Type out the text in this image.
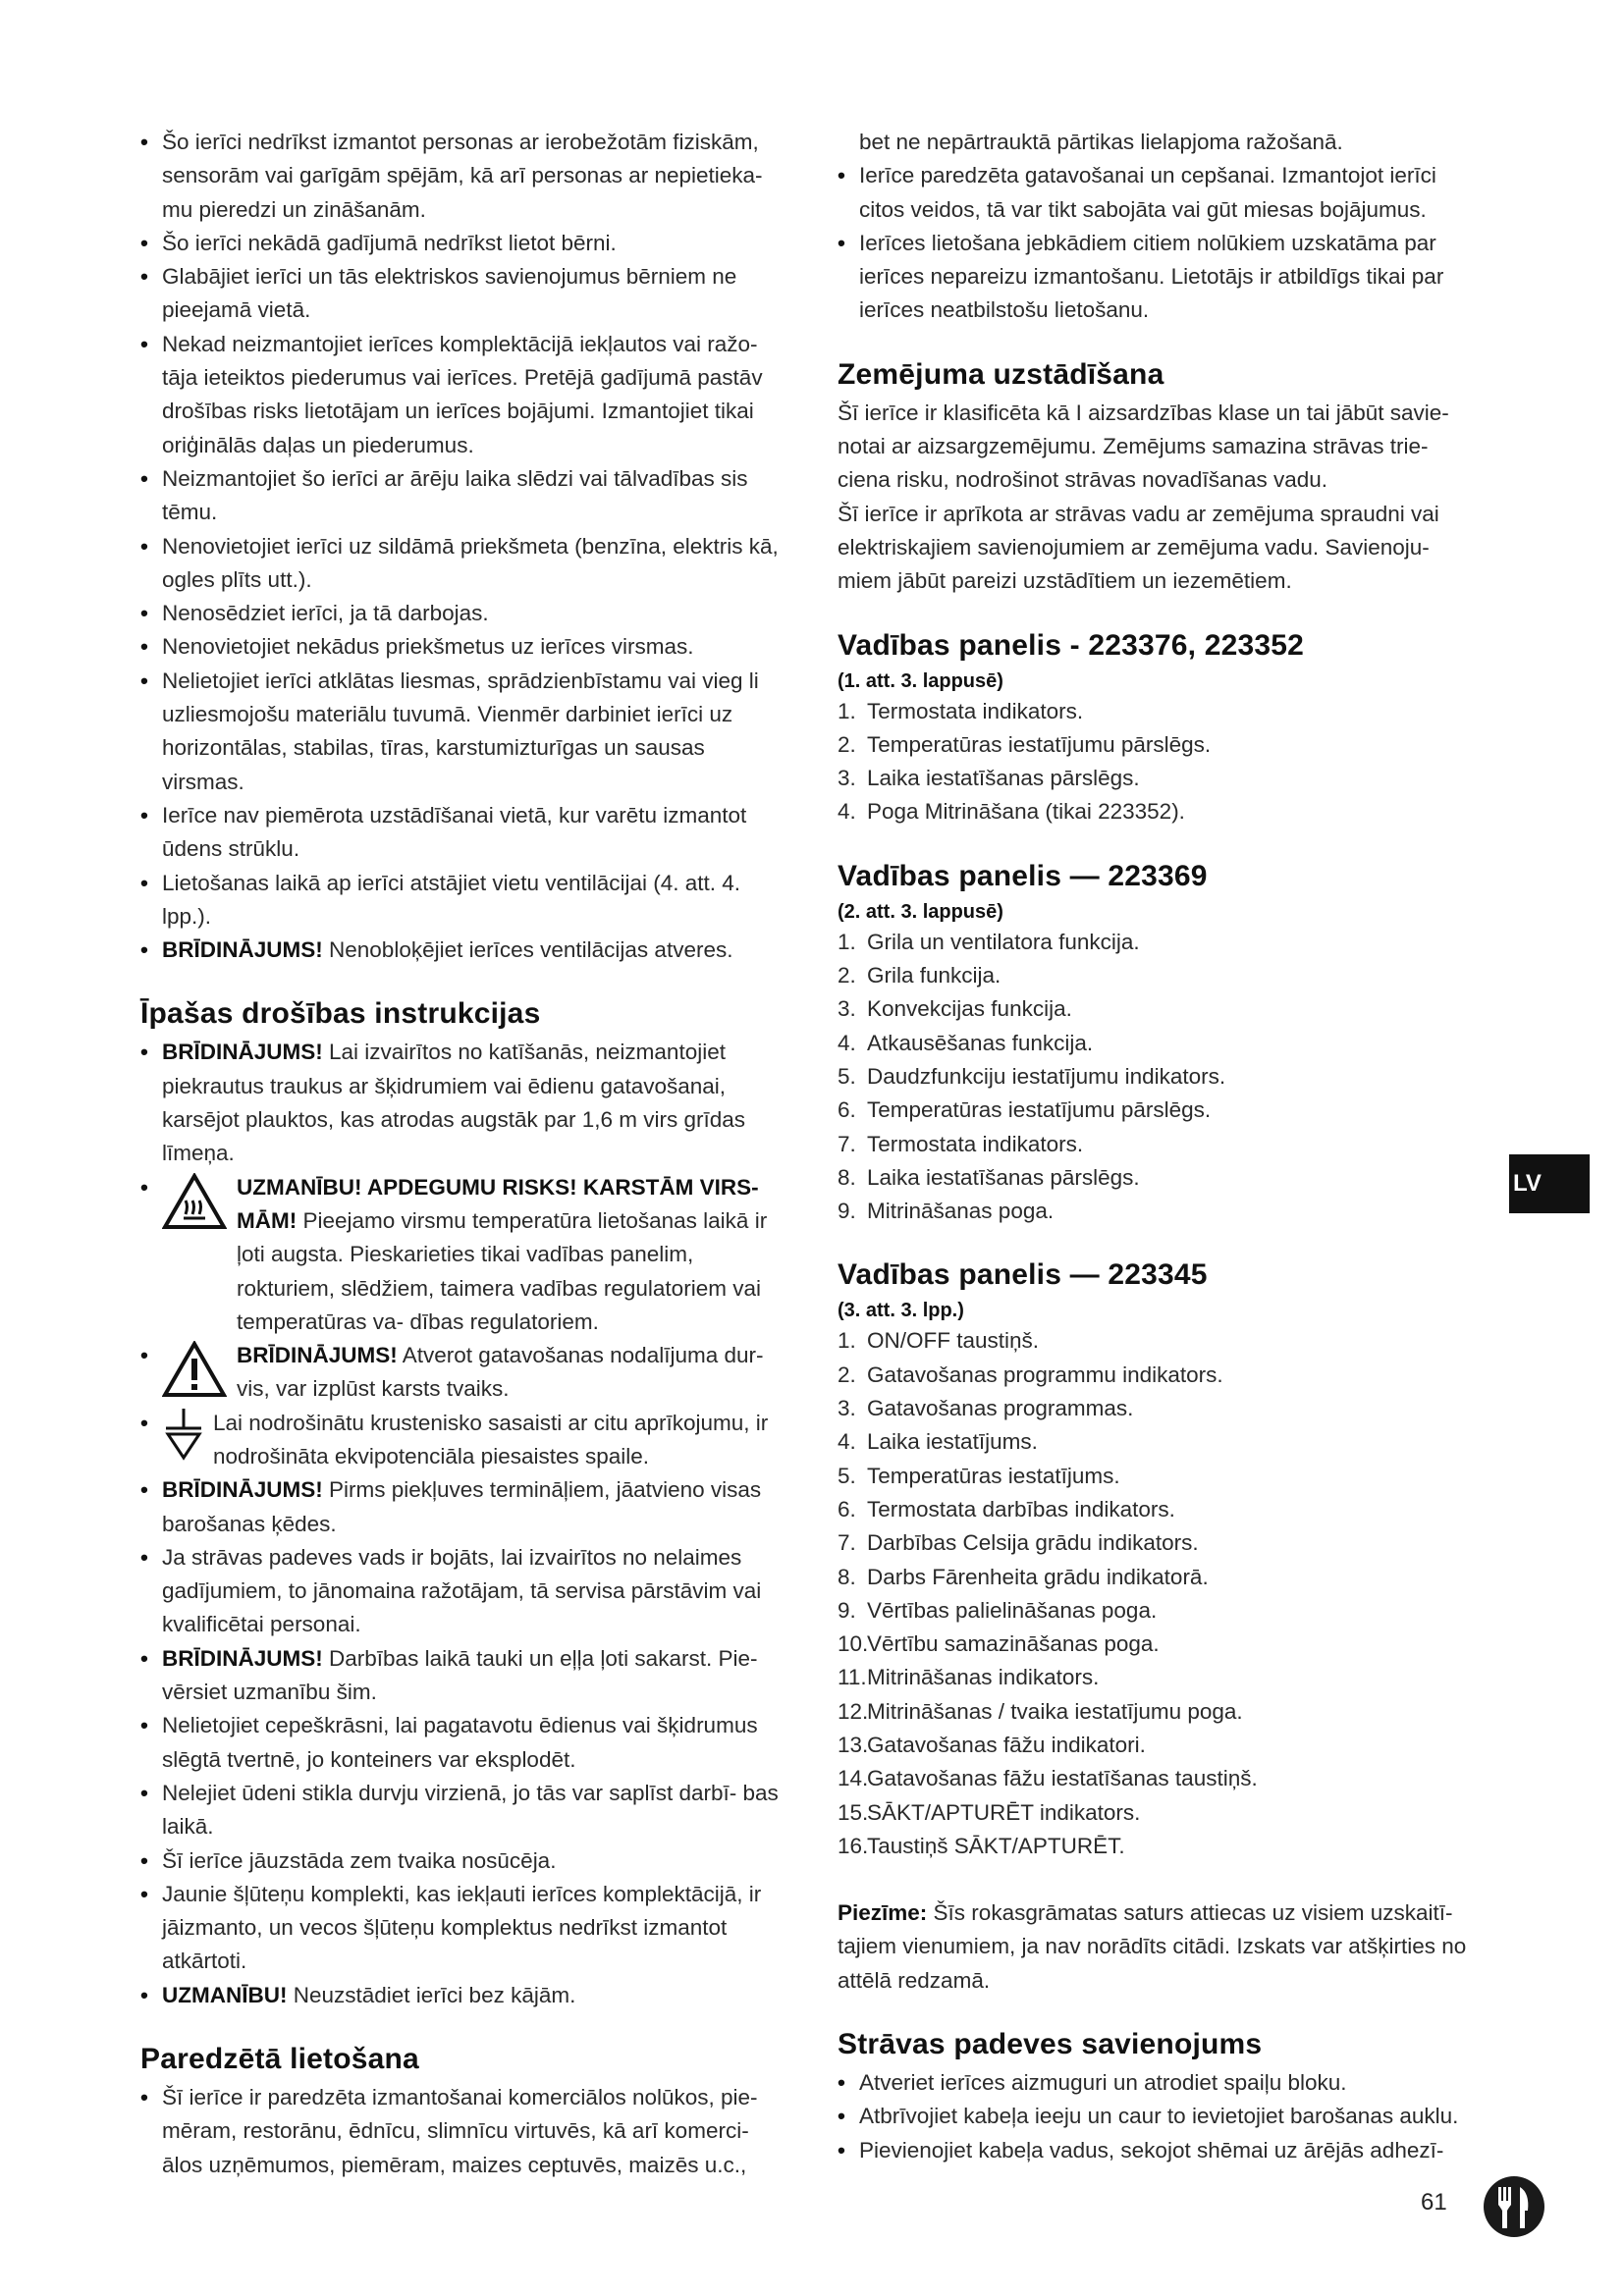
• Šo ierīci nedrīkst izmantot personas ar ierobežotām fiziskām, sensorām vai garīgām spējām, kā arī personas ar nepietieka- mu pieredzi un zināšanām.
• Šo ierīci nekādā gadījumā nedrīkst lietot bērni.
• Glabājiet ierīci un tās elektriskos savienojumus bērniem ne pieejamā vietā.
• Nekad neizmantojiet ierīces komplektācijā iekļautos vai ražo- tāja ieteiktos piederumus vai ierīces. Pretējā gadījumā pastāv drošības risks lietotājam un ierīces bojājumi. Izmantojiet tikai oriģinālās daļas un piederumus.
• Neizmantojiet šo ierīci ar ārēju laika slēdzi vai tālvadības sis tēmu.
• Nenovietojiet ierīci uz sildāmā priekšmeta (benzīna, elektris kā, ogles plīts utt.).
• Nenosēdziet ierīci, ja tā darbojas.
• Nenovietojiet nekādus priekšmetus uz ierīces virsmas.
• Nelietojiet ierīci atklātas liesmas, sprādzienbīstamu vai vieg li uzliesmojošu materiālu tuvumā. Vienmēr darbiniet ierīci uz horizontālas, stabilas, tīras, karstumizturīgas un sausas virsmas.
• Ierīce nav piemērota uzstādīšanai vietā, kur varētu izmantot ūdens strūklu.
• Lietošanas laikā ap ierīci atstājiet vietu ventilācijai (4. att. 4. lpp.).
• BRĪDINĀJUMS! Nenobloķējiet ierīces ventilācijas atveres.
Īpašas drošības instrukcijas
• BRĪDINĀJUMS! Lai izvairītos no katīšanās, neizmantojiet piekrautus traukus ar šķidrumiem vai ēdienu gatavošanai, karsējot plauktos, kas atrodas augstāk par 1,6 m virs grīdas līmeņa.
• UZMANĪBU! APDEGUMU RISKS! KARSTĀM VIRS- MĀM! Pieejamo virsmu temperatūra lietošanas laikā ir ļoti augsta. Pieskarieties tikai vadības panelim, rokturiem, slēdžiem, taimera vadības regulatoriem vai temperatūras va- dības regulatoriem.
• BRĪDINĀJUMS! Atverot gatavošanas nodalījuma dur- vis, var izplūst karsts tvaiks.
• Lai nodrošinātu krustenisko sasaisti ar citu aprīkojumu, ir nodrošināta ekvipotenciāla piesaistes spaile.
• BRĪDINĀJUMS! Pirms piekļuves termināļiem, jāatvieno visas barošanas ķēdes.
• Ja strāvas padeves vads ir bojāts, lai izvairītos no nelaimes gadījumiem, to jānomaina ražotājam, tā servisa pārstāvim vai kvalificētai personai.
• BRĪDINĀJUMS! Darbības laikā tauki un eļļa ļoti sakarst. Pie- vērsiet uzmanību šim.
• Nelietojiet cepeškrāsni, lai pagatavotu ēdienus vai šķidrumus slēgtā tvertnē, jo konteiners var eksplodēt.
• Nelejiet ūdeni stikla durvju virzienā, jo tās var saplīst darbī- bas laikā.
• Šī ierīce jāuzstāda zem tvaika nosūcēja.
• Jaunie šļūteņu komplekti, kas iekļauti ierīces komplektācijā, ir jāizmanto, un vecos šļūteņu komplektus nedrīkst izmantot atkārtoti.
• UZMANĪBU! Neuzstādiet ierīci bez kājām.
Paredzētā lietošana
• Šī ierīce ir paredzēta izmantošanai komerciālos nolūkos, pie- mēram, restorānu, ēdnīcu, slimnīcu virtuvēs, kā arī komerci- ālos uzņēmumos, piemēram, maizes ceptuvēs, maizēs u.c.,

bet ne nepārtrauktā pārtikas lielapjoma ražošanā.

• Ierīce paredzēta gatavošanai un cepšanai. Izmantojot ierīci citos veidos, tā var tikt sabojāta vai gūt miesas bojājumus.
• Ierīces lietošana jebkādiem citiem nolūkiem uzskatāma par ierīces nepareizu izmantošanu. Lietotājs ir atbildīgs tikai par ierīces neatbilstošu lietošanu.
Zemējuma uzstādīšana

Šī ierīce ir klasificēta kā I aizsardzības klase un tai jābūt savie- notai ar aizsargzemējumu. Zemējums samazina strāvas trie- ciena risku, nodrošinot strāvas novadīšanas vadu.

Šī ierīce ir aprīkota ar strāvas vadu ar zemējuma spraudni vai elektriskajiem savienojumiem ar zemējuma vadu. Savienoju- miem jābūt pareizi uzstādītiem un iezemētiem.

Vadības panelis - 223376, 223352
(1. att. 3. lappusē)
1. Termostata indikators.
2. Temperatūras iestatījumu pārslēgs.
3. Laika iestatīšanas pārslēgs.
4. Poga Mitrināšana (tikai 223352).
Vadības panelis — 223369
(2. att. 3. lappusē)
1. Grila un ventilatora funkcija.
2. Grila funkcija.
3. Konvekcijas funkcija.
4. Atkausēšanas funkcija.
5. Daudzfunkciju iestatījumu indikators.
6. Temperatūras iestatījumu pārslēgs.
7. Termostata indikators.
8. Laika iestatīšanas pārslēgs.
9. Mitrināšanas poga.
Vadības panelis — 223345
(3. att. 3. lpp.)
1. ON/OFF taustiņš.
2. Gatavošanas programmu indikators.
3. Gatavošanas programmas.
4. Laika iestatījums.
5. Temperatūras iestatījums.
6. Termostata darbības indikators.
7. Darbības Celsija grādu indikators.
8. Darbs Fārenheita grādu indikatorā.
9. Vērtības palielināšanas poga.
10.
Vērtību samazināšanas poga.
11. Mitrināšanas indikators.
12.
Mitrināšanas / tvaika iestatījumu poga.
13.
Gatavošanas fāžu indikatori.
14.
Gatavošanas fāžu iestatīšanas taustiņš.
15.
SĀKT/APTURĒT indikators.
16.
Taustiņš SĀKT/APTURĒT.

Piezīme: Šīs rokasgrāmatas saturs attiecas uz visiem uzskaitī- tajiem vienumiem, ja nav norādīts citādi. Izskats var atšķirties no attēlā redzamā.

Strāvas padeves savienojums
• Atveriet ierīces aizmuguri un atrodiet spaiļu bloku.
• Atbrīvojiet kabeļa ieeju un caur to ievietojiet barošanas auklu.
• Pievienojiet kabeļa vadus, sekojot shēmai uz ārējās adhezī-
LV
61
